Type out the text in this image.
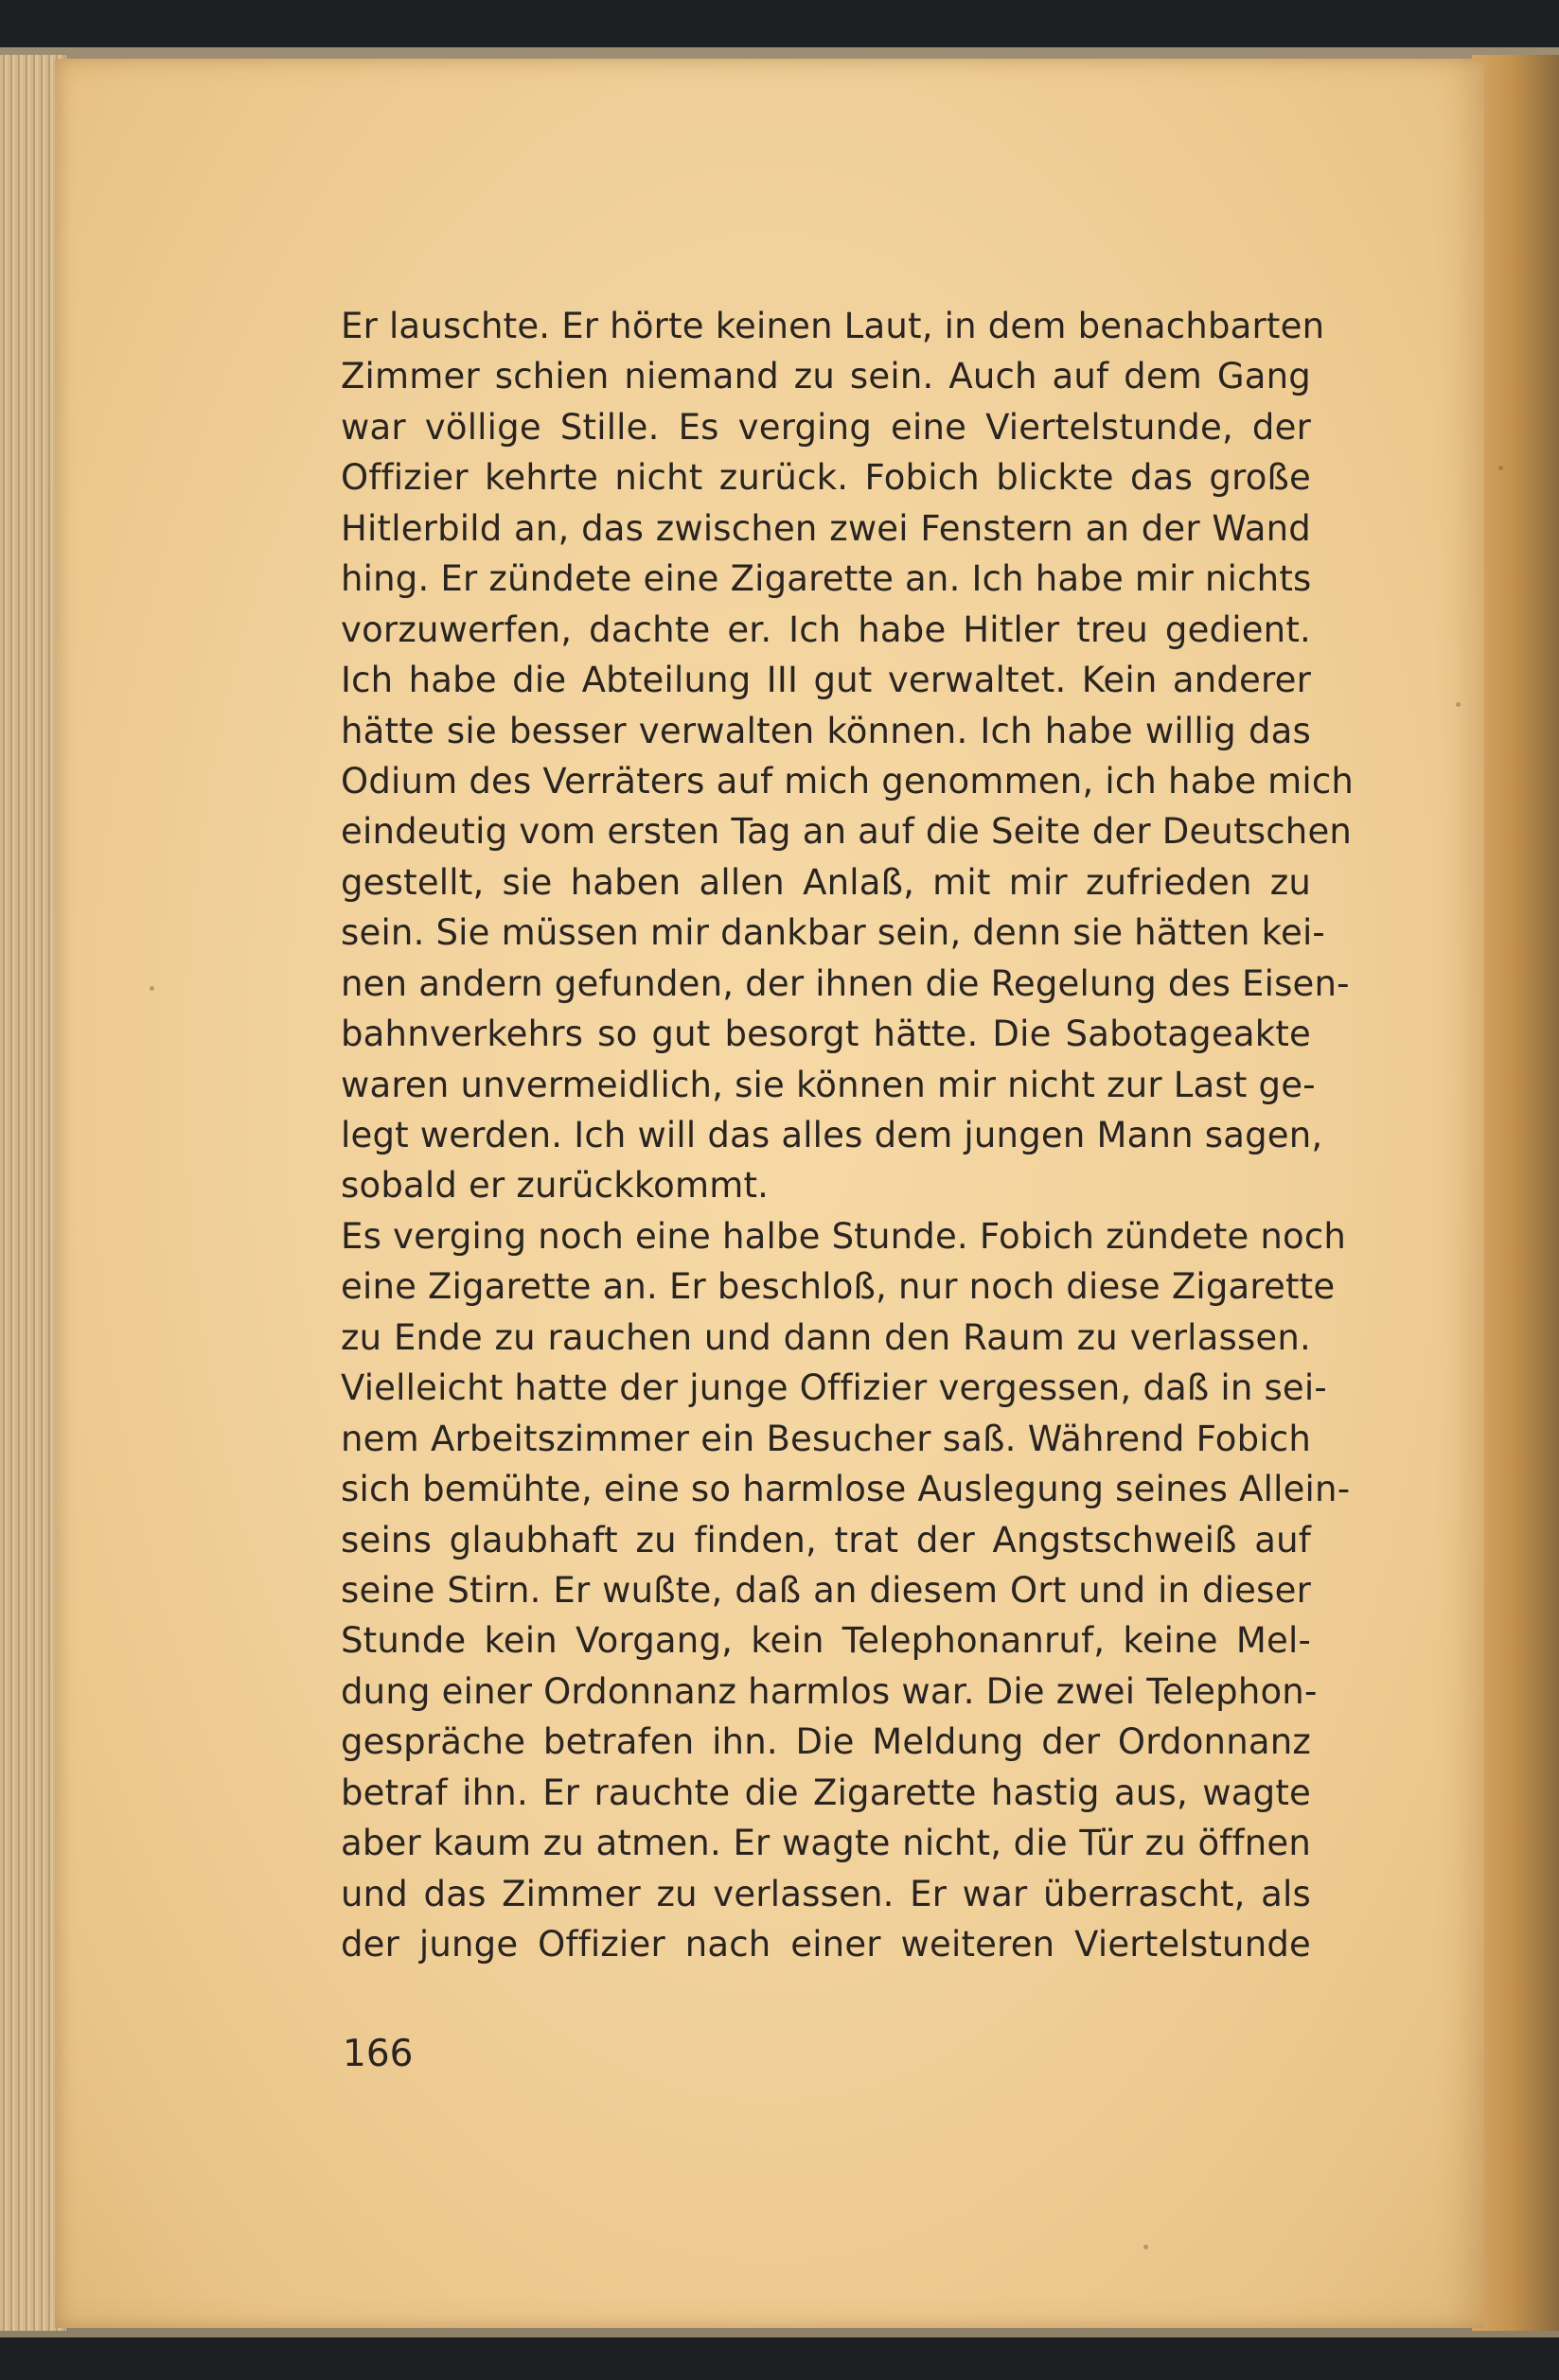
Er lauschte. Er hörte keinen Laut, in dem benachbarten
Zimmer schien niemand zu sein. Auch auf dem Gang
war völlige Stille. Es verging eine Viertelstunde, der
Offizier kehrte nicht zurück. Fobich blickte das große
Hitlerbild an, das zwischen zwei Fenstern an der Wand
hing. Er zündete eine Zigarette an. Ich habe mir nichts
vorzuwerfen, dachte er. Ich habe Hitler treu gedient.
Ich habe die Abteilung III gut verwaltet. Kein anderer
hätte sie besser verwalten können. Ich habe willig das
Odium des Verräters auf mich genommen, ich habe mich
eindeutig vom ersten Tag an auf die Seite der Deutschen
gestellt, sie haben allen Anlaß, mit mir zufrieden zu
sein. Sie müssen mir dankbar sein, denn sie hätten kei-
nen andern gefunden, der ihnen die Regelung des Eisen-
bahnverkehrs so gut besorgt hätte. Die Sabotageakte
waren unvermeidlich, sie können mir nicht zur Last ge-
legt werden. Ich will das alles dem jungen Mann sagen,
sobald er zurückkommt.
Es verging noch eine halbe Stunde. Fobich zündete noch
eine Zigarette an. Er beschloß, nur noch diese Zigarette
zu Ende zu rauchen und dann den Raum zu verlassen.
Vielleicht hatte der junge Offizier vergessen, daß in sei-
nem Arbeitszimmer ein Besucher saß. Während Fobich
sich bemühte, eine so harmlose Auslegung seines Allein-
seins glaubhaft zu finden, trat der Angstschweiß auf
seine Stirn. Er wußte, daß an diesem Ort und in dieser
Stunde kein Vorgang, kein Telephonanruf, keine Mel-
dung einer Ordonnanz harmlos war. Die zwei Telephon-
gespräche betrafen ihn. Die Meldung der Ordonnanz
betraf ihn. Er rauchte die Zigarette hastig aus, wagte
aber kaum zu atmen. Er wagte nicht, die Tür zu öffnen
und das Zimmer zu verlassen. Er war überrascht, als
der junge Offizier nach einer weiteren Viertelstunde

166
